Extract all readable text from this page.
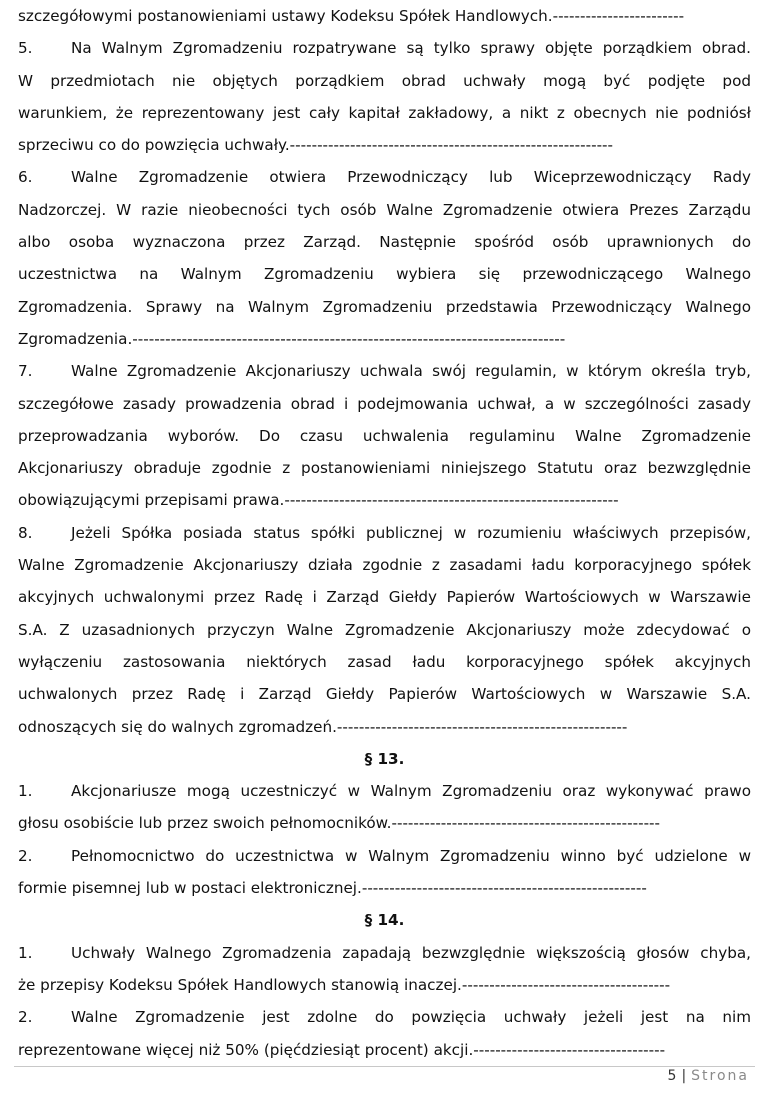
szczegółowymi postanowieniami ustawy Kodeksu Spółek Handlowych.------------------------
5.	Na Walnym Zgromadzeniu rozpatrywane są tylko sprawy objęte porządkiem obrad.
W przedmiotach nie objętych porządkiem obrad uchwały mogą być podjęte pod
warunkiem, że reprezentowany jest cały kapitał zakładowy, a nikt z obecnych nie podniósł
sprzeciwu co do powzięcia uchwały.-----------------------------------------------------------
6.	Walne Zgromadzenie otwiera Przewodniczący lub Wiceprzewodniczący Rady
Nadzorczej. W razie nieobecności tych osób Walne Zgromadzenie otwiera Prezes Zarządu
albo osoba wyznaczona przez Zarząd. Następnie spośród osób uprawnionych do
uczestnictwa na Walnym Zgromadzeniu wybiera się przewodniczącego Walnego
Zgromadzenia. Sprawy na Walnym Zgromadzeniu przedstawia Przewodniczący Walnego
Zgromadzenia.-------------------------------------------------------------------------------
7.	Walne Zgromadzenie Akcjonariuszy uchwala swój regulamin, w którym określa tryb,
szczegółowe zasady prowadzenia obrad i podejmowania uchwał, a w szczególności zasady
przeprowadzania wyborów. Do czasu uchwalenia regulaminu Walne Zgromadzenie
Akcjonariuszy obraduje zgodnie z postanowieniami niniejszego Statutu oraz bezwzględnie
obowiązującymi przepisami prawa.-------------------------------------------------------------
8.	Jeżeli Spółka posiada status spółki publicznej w rozumieniu właściwych przepisów,
Walne Zgromadzenie Akcjonariuszy działa zgodnie z zasadami ładu korporacyjnego spółek
akcyjnych uchwalonymi przez Radę i Zarząd Giełdy Papierów Wartościowych w Warszawie
S.A. Z uzasadnionych przyczyn Walne Zgromadzenie Akcjonariuszy może zdecydować o
wyłączeniu zastosowania niektórych zasad ładu korporacyjnego spółek akcyjnych
uchwalonych przez Radę i Zarząd Giełdy Papierów Wartościowych w Warszawie S.A.
odnoszących się do walnych zgromadzeń.-----------------------------------------------------
§ 13.
1.	Akcjonariusze mogą uczestniczyć w Walnym Zgromadzeniu oraz wykonywać prawo
głosu osobiście lub przez swoich pełnomocników.-------------------------------------------------
2.	Pełnomocnictwo do uczestnictwa w Walnym Zgromadzeniu winno być udzielone w
formie pisemnej lub w postaci elektronicznej.----------------------------------------------------
§ 14.
1.	Uchwały Walnego Zgromadzenia zapadają bezwzględnie większością głosów chyba,
że przepisy Kodeksu Spółek Handlowych stanowią inaczej.--------------------------------------
2.	Walne Zgromadzenie jest zdolne do powzięcia uchwały jeżeli jest na nim
reprezentowane więcej niż 50% (pięćdziesiąt procent) akcji.-----------------------------------
5 | Strona
